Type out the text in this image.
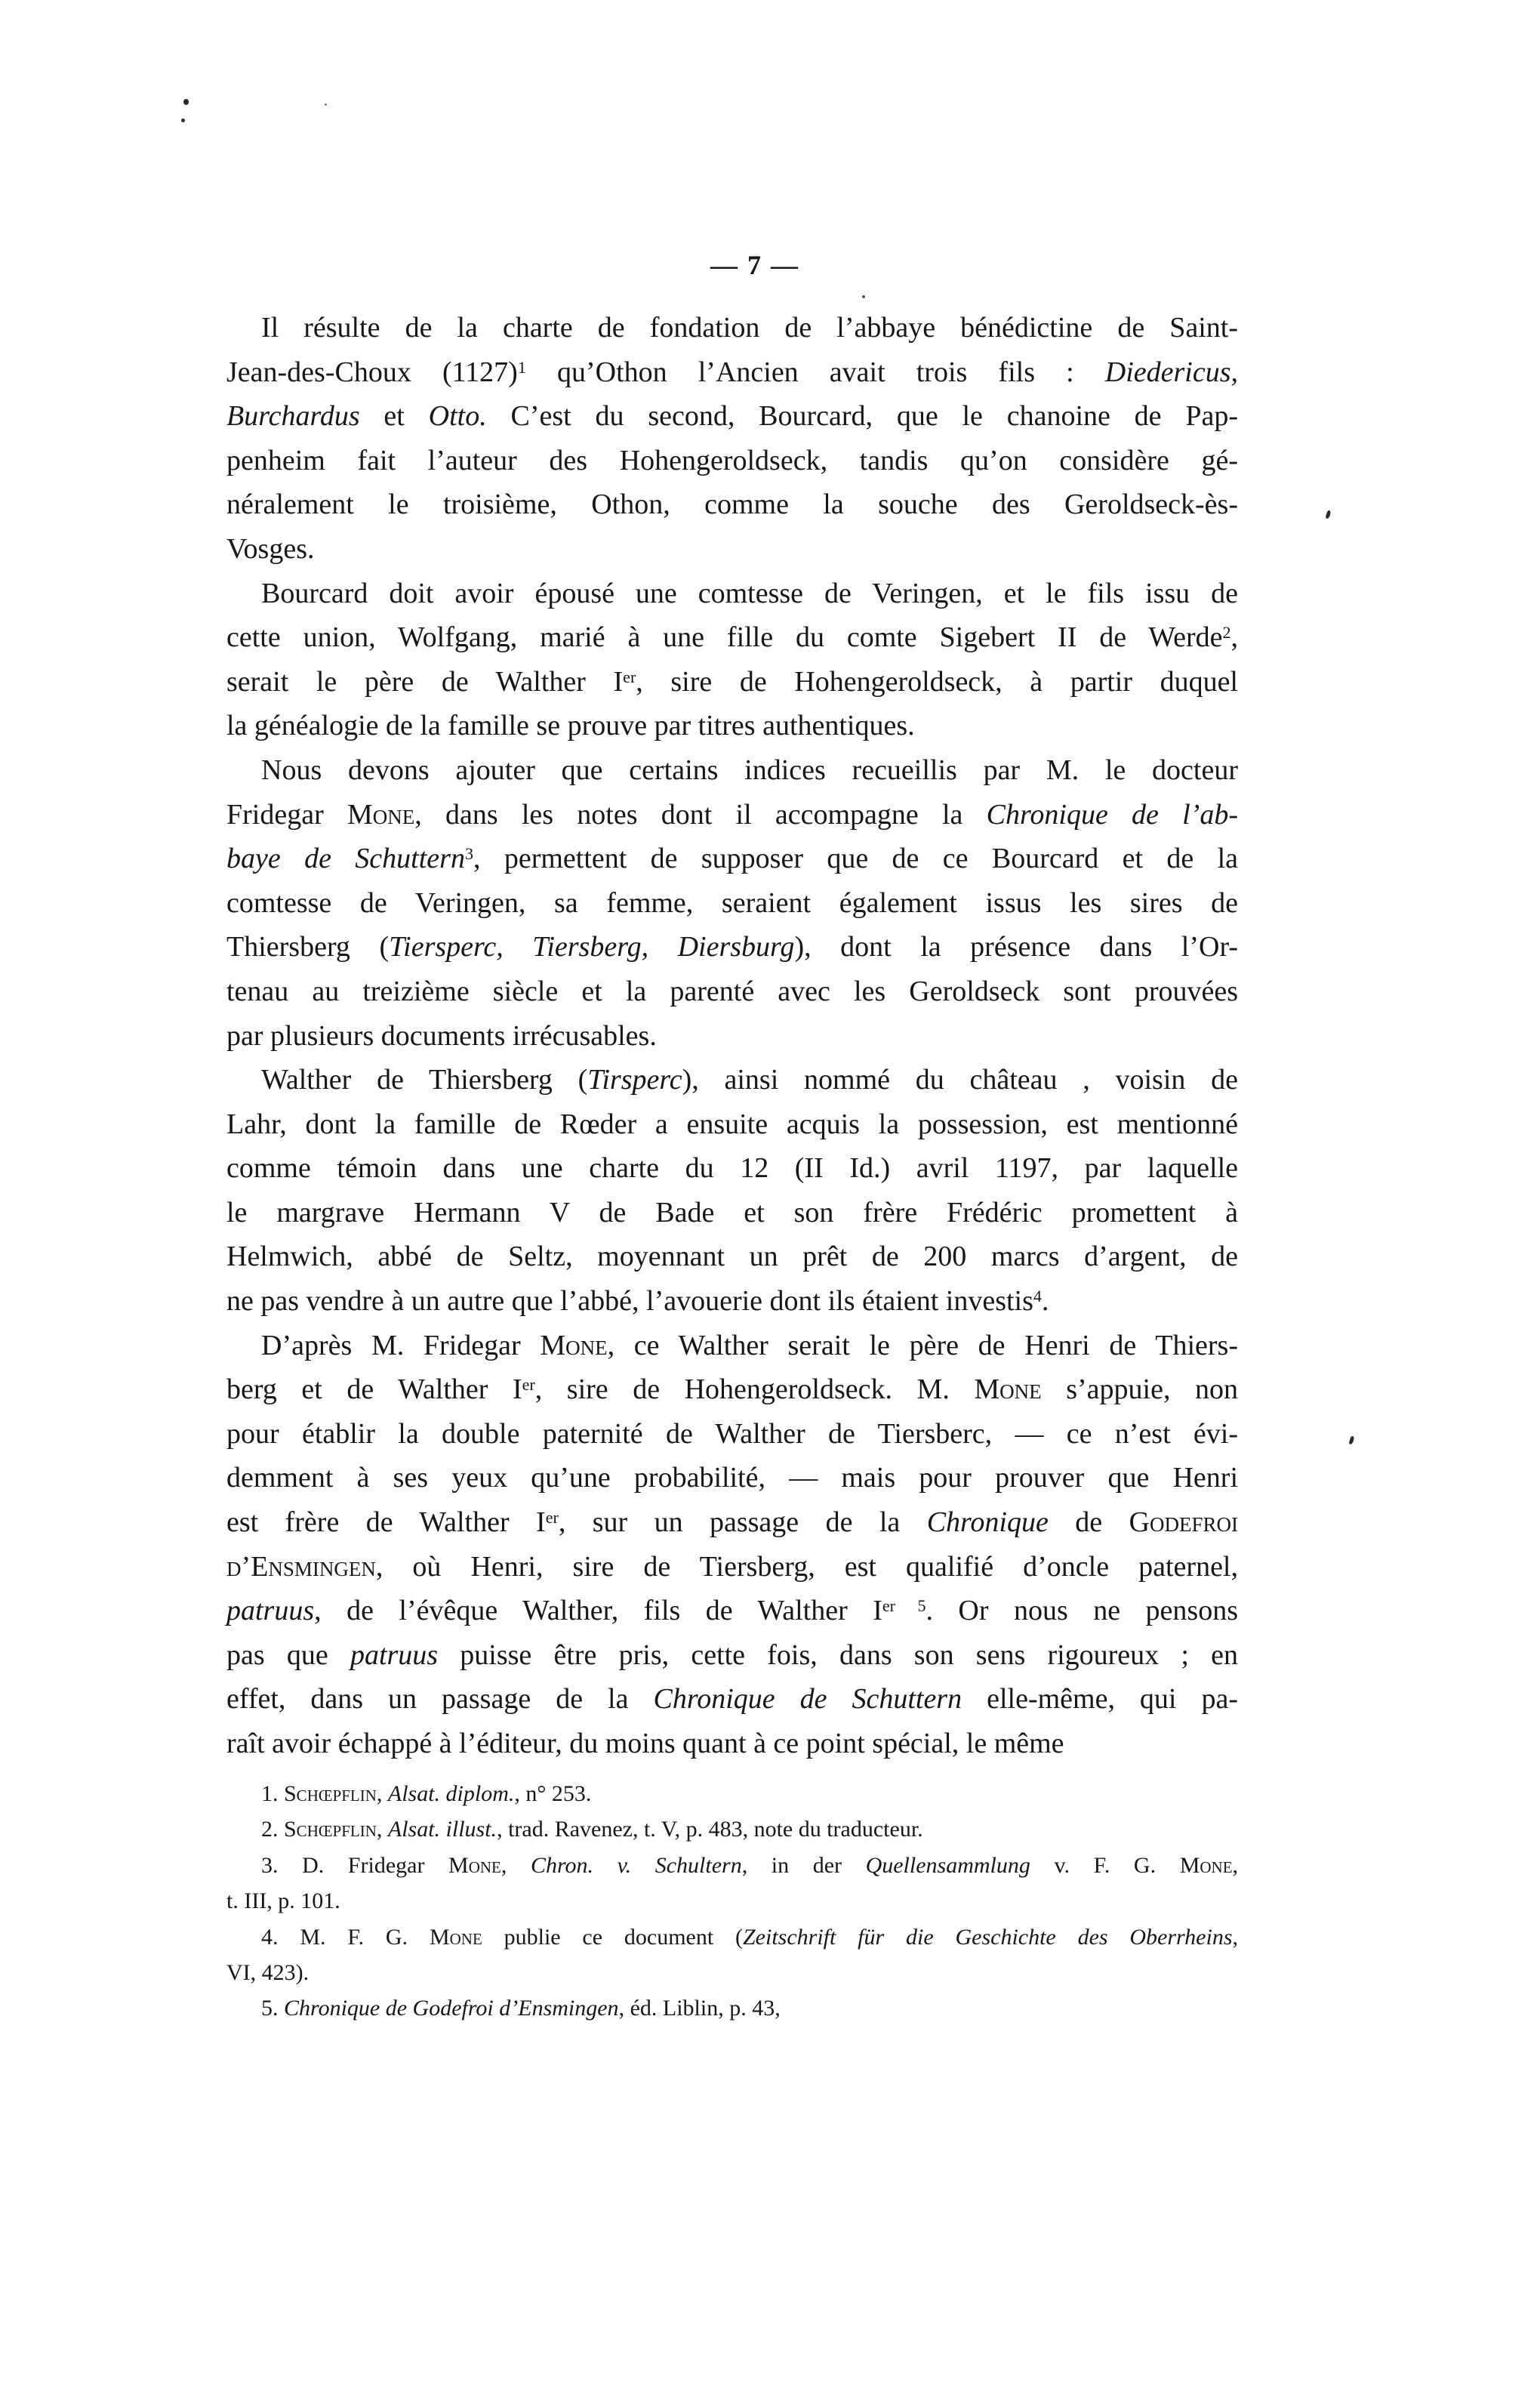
— 7 —
Il résulte de la charte de fondation de l’abbaye bénédictine de Saint-
Jean-des-Choux $(1127)^1$ qu’Othon l’Ancien avait trois fils : Diedericus,
Burchardus et Otto. C’est du second, Bourcard, que le chanoine de Pap-
penheim fait l’auteur des Hohengeroldseck, tandis qu’on considère gé-
néralement le troisième, Othon, comme la souche des Geroldseck-ès-
Vosges.
Bourcard doit avoir épousé une comtesse de Veringen, et le fils issu de
cette union, Wolfgang, marié à une fille du comte Sigebert II de Werde$^2$,
serait le père de Walther Ier, sire de Hohengeroldseck, à partir duquel
la généalogie de la famille se prouve par titres authentiques.
Nous devons ajouter que certains indices recueillis par M. le docteur
Fridegar Mone, dans les notes dont il accompagne la Chronique de l’ab-
baye de Schuttern$^3$, permettent de supposer que de ce Bourcard et de la
comtesse de Veringen, sa femme, seraient également issus les sires de
Thiersberg (Tiersperc, Tiersberg, Diersburg), dont la présence dans l’Or-
tenau au treizième siècle et la parenté avec les Geroldseck sont prouvées
par plusieurs documents irrécusables.
Walther de Thiersberg (Tirsperc), ainsi nommé du château , voisin de
Lahr, dont la famille de Rœder a ensuite acquis la possession, est mentionné
comme témoin dans une charte du 12 (II Id.) avril 1197, par laquelle
le margrave Hermann V de Bade et son frère Frédéric promettent à
Helmwich, abbé de Seltz, moyennant un prêt de 200 marcs d’argent, de
ne pas vendre à un autre que l’abbé, l’avouerie dont ils étaient investis$^4$.
D’après M. Fridegar Mone, ce Walther serait le père de Henri de Thiers-
berg et de Walther Ier, sire de Hohengeroldseck. M. Mone s’appuie, non
pour établir la double paternité de Walther de Tiersberc, — ce n’est évi-
demment à ses yeux qu’une probabilité, — mais pour prouver que Henri
est frère de Walther Ier, sur un passage de la Chronique de Godefroi
d’Ensmingen, où Henri, sire de Tiersberg, est qualifié d’oncle paternel,
patruus, de l’évêque Walther, fils de Walther Ier $^5$. Or nous ne pensons
pas que patruus puisse être pris, cette fois, dans son sens rigoureux ; en
effet, dans un passage de la Chronique de Schuttern elle-même, qui pa-
raît avoir échappé à l’éditeur, du moins quant à ce point spécial, le même
1. Schœpflin, Alsat. diplom., n° 253.
2. Schœpflin, Alsat. illust., trad. Ravenez, t. V, p. 483, note du traducteur.
3. D. Fridegar Mone, Chron. v. Schultern, in der Quellensammlung v. F. G. Mone,
t. III, p. 101.
4. M. F. G. Mone publie ce document (Zeitschrift für die Geschichte des Oberrheins,
VI, 423).
5. Chronique de Godefroi d’Ensmingen, éd. Liblin, p. 43,
